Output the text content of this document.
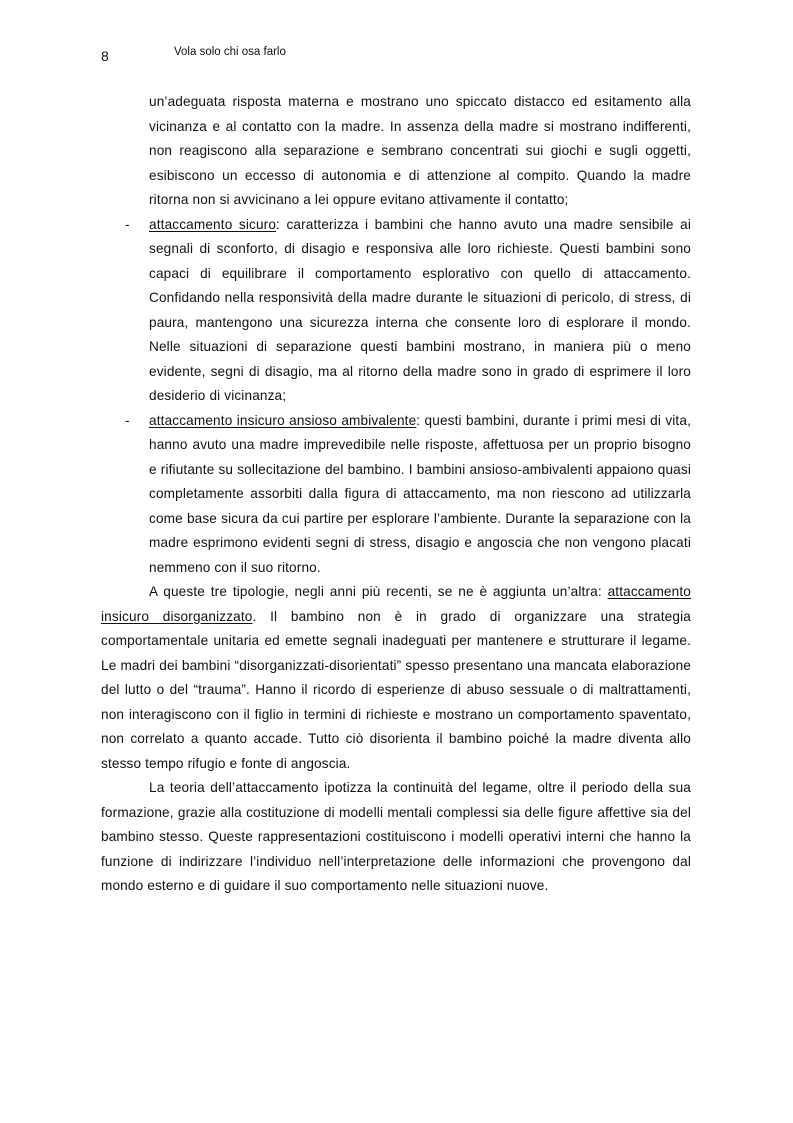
8	Vola solo chi osa farlo

un’adeguata risposta materna e mostrano uno spiccato distacco ed esitamento alla vicinanza e al contatto con la madre. In assenza della madre si mostrano indifferenti, non reagiscono alla separazione e sembrano concentrati sui giochi e sugli oggetti, esibiscono un eccesso di autonomia e di attenzione al compito. Quando la madre ritorna non si avvicinano a lei oppure evitano attivamente il contatto;

- attaccamento sicuro: caratterizza i bambini che hanno avuto una madre sensibile ai segnali di sconforto, di disagio e responsiva alle loro richieste. Questi bambini sono capaci di equilibrare il comportamento esplorativo con quello di attaccamento. Confidando nella responsività della madre durante le situazioni di pericolo, di stress, di paura, mantengono una sicurezza interna che consente loro di esplorare il mondo. Nelle situazioni di separazione questi bambini mostrano, in maniera più o meno evidente, segni di disagio, ma al ritorno della madre sono in grado di esprimere il loro desiderio di vicinanza;

- attaccamento insicuro ansioso ambivalente: questi bambini, durante i primi mesi di vita, hanno avuto una madre imprevedibile nelle risposte, affettuosa per un proprio bisogno e rifiutante su sollecitazione del bambino. I bambini ansioso-ambivalenti appaiono quasi completamente assorbiti dalla figura di attaccamento, ma non riescono ad utilizzarla come base sicura da cui partire per esplorare l’ambiente. Durante la separazione con la madre esprimono evidenti segni di stress, disagio e angoscia che non vengono placati nemmeno con il suo ritorno.

A queste tre tipologie, negli anni più recenti, se ne è aggiunta un’altra: attaccamento insicuro disorganizzato. Il bambino non è in grado di organizzare una strategia comportamentale unitaria ed emette segnali inadeguati per mantenere e strutturare il legame. Le madri dei bambini “disorganizzati-disorientati” spesso presentano una mancata elaborazione del lutto o del “trauma”. Hanno il ricordo di esperienze di abuso sessuale o di maltrattamenti, non interagiscono con il figlio in termini di richieste e mostrano un comportamento spaventato, non correlato a quanto accade. Tutto ciò disorienta il bambino poiché la madre diventa allo stesso tempo rifugio e fonte di angoscia.

La teoria dell’attaccamento ipotizza la continuità del legame, oltre il periodo della sua formazione, grazie alla costituzione di modelli mentali complessi sia delle figure affettive sia del bambino stesso. Queste rappresentazioni costituiscono i modelli operativi interni che hanno la funzione di indirizzare l’individuo nell’interpretazione delle informazioni che provengono dal mondo esterno e di guidare il suo comportamento nelle situazioni nuove.
